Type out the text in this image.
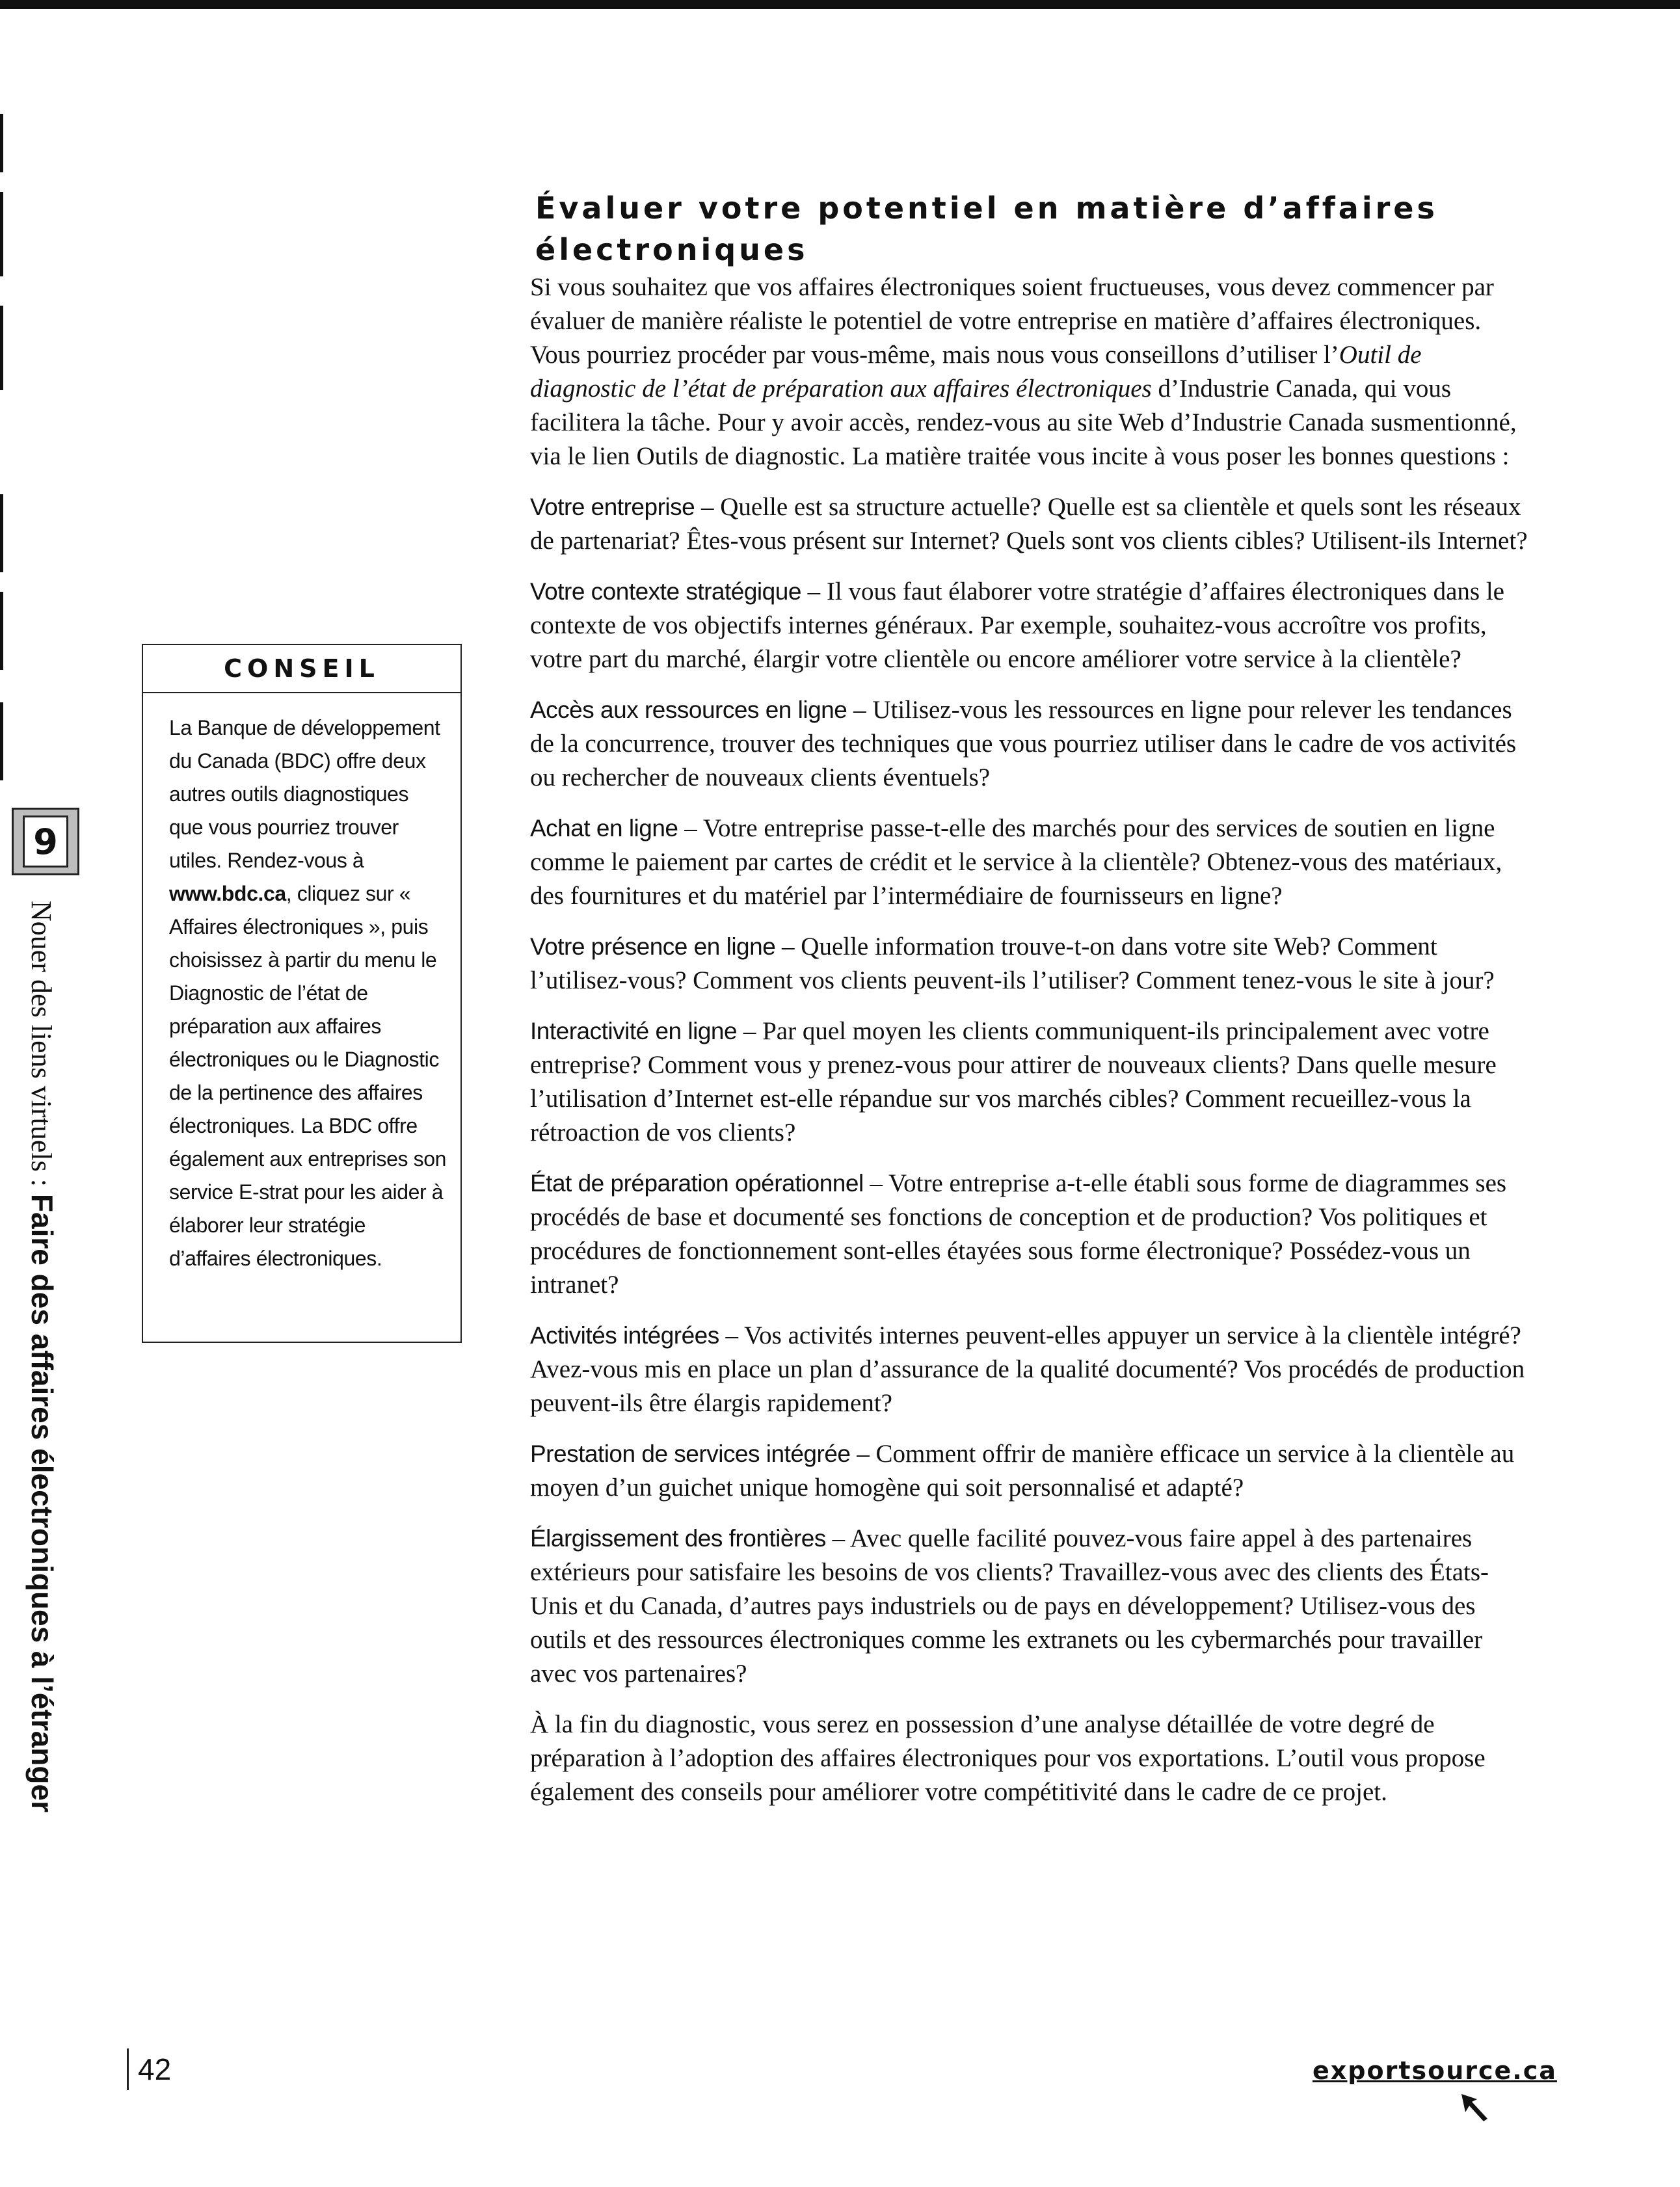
Évaluer votre potentiel en matière d’affaires électroniques

Si vous souhaitez que vos affaires électroniques soient fructueuses, vous devez commencer par évaluer de manière réaliste le potentiel de votre entreprise en matière d’affaires électroniques. Vous pourriez procéder par vous-même, mais nous vous conseillons d’utiliser l’Outil de diagnostic de l’état de préparation aux affaires électroniques d’Industrie Canada, qui vous facilitera la tâche. Pour y avoir accès, rendez-vous au site Web d’Industrie Canada susmentionné, via le lien Outils de diagnostic. La matière traitée vous incite à vous poser les bonnes questions :

Votre entreprise – Quelle est sa structure actuelle? Quelle est sa clientèle et quels sont les réseaux de partenariat? Êtes-vous présent sur Internet? Quels sont vos clients cibles? Utilisent-ils Internet?

Votre contexte stratégique – Il vous faut élaborer votre stratégie d’affaires électroniques dans le contexte de vos objectifs internes généraux. Par exemple, souhaitez-vous accroître vos profits, votre part du marché, élargir votre clientèle ou encore améliorer votre service à la clientèle?

Accès aux ressources en ligne – Utilisez-vous les ressources en ligne pour relever les tendances de la concurrence, trouver des techniques que vous pourriez utiliser dans le cadre de vos activités ou rechercher de nouveaux clients éventuels?

Achat en ligne – Votre entreprise passe-t-elle des marchés pour des services de soutien en ligne comme le paiement par cartes de crédit et le service à la clientèle? Obtenez-vous des matériaux, des fournitures et du matériel par l’intermédiaire de fournisseurs en ligne?

Votre présence en ligne – Quelle information trouve-t-on dans votre site Web? Comment l’utilisez-vous? Comment vos clients peuvent-ils l’utiliser? Comment tenez-vous le site à jour?

Interactivité en ligne – Par quel moyen les clients communiquent-ils principalement avec votre entreprise? Comment vous y prenez-vous pour attirer de nouveaux clients? Dans quelle mesure l’utilisation d’Internet est-elle répandue sur vos marchés cibles? Comment recueillez-vous la rétroaction de vos clients?

État de préparation opérationnel – Votre entreprise a-t-elle établi sous forme de diagrammes ses procédés de base et documenté ses fonctions de conception et de production? Vos politiques et procédures de fonctionnement sont-elles étayées sous forme électronique? Possédez-vous un intranet?

Activités intégrées – Vos activités internes peuvent-elles appuyer un service à la clientèle intégré? Avez-vous mis en place un plan d’assurance de la qualité documenté? Vos procédés de production peuvent-ils être élargis rapidement?

Prestation de services intégrée – Comment offrir de manière efficace un service à la clientèle au moyen d’un guichet unique homogène qui soit personnalisé et adapté?

Élargissement des frontières – Avec quelle facilité pouvez-vous faire appel à des partenaires extérieurs pour satisfaire les besoins de vos clients? Travaillez-vous avec des clients des États-Unis et du Canada, d’autres pays industriels ou de pays en développement? Utilisez-vous des outils et des ressources électroniques comme les extranets ou les cybermarchés pour travailler avec vos partenaires?

À la fin du diagnostic, vous serez en possession d’une analyse détaillée de votre degré de préparation à l’adoption des affaires électroniques pour vos exportations. L’outil vous propose également des conseils pour améliorer votre compétitivité dans le cadre de ce projet.

CONSEIL
La Banque de développement du Canada (BDC) offre deux autres outils diagnostiques que vous pourriez trouver utiles. Rendez-vous à www.bdc.ca, cliquez sur « Affaires électroniques », puis choisissez à partir du menu le Diagnostic de l’état de préparation aux affaires électroniques ou le Diagnostic de la pertinence des affaires électroniques. La BDC offre également aux entreprises son service E-strat pour les aider à élaborer leur stratégie d’affaires électroniques.
9
Nouer des liens virtuels : Faire des affaires électroniques à l’étranger
42	exportsource.ca
